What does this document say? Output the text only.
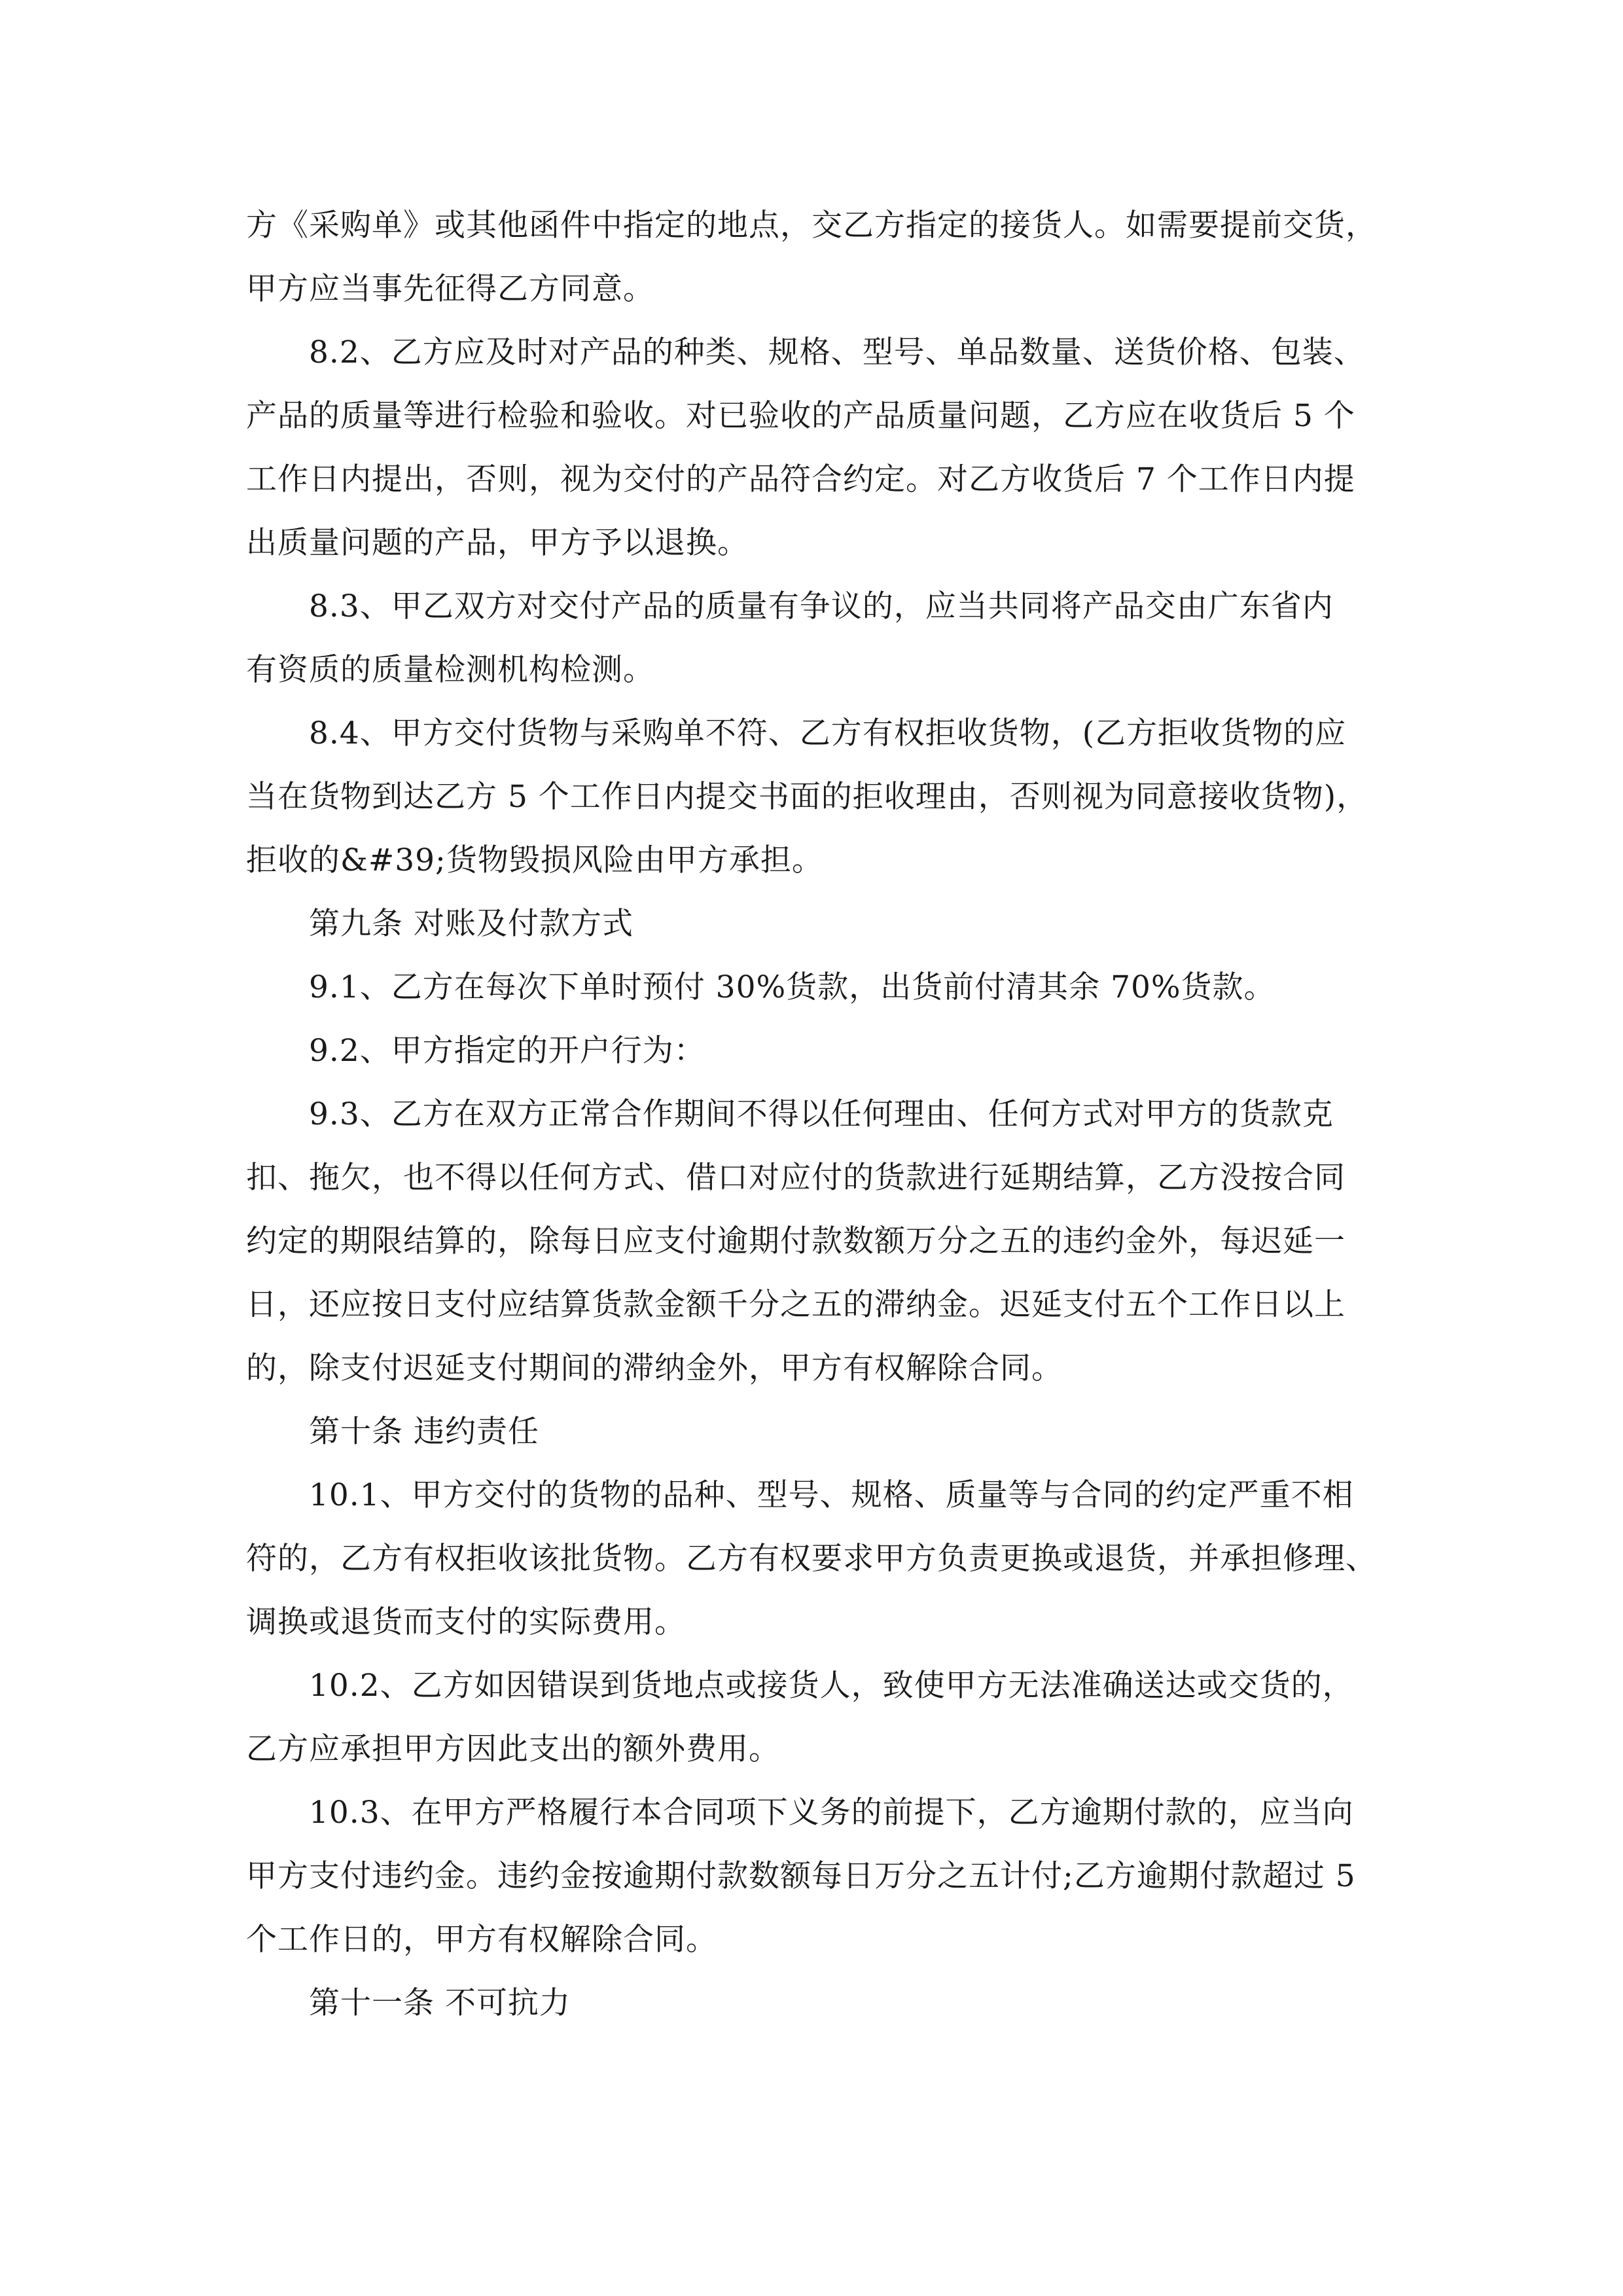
方《采购单》或其他函件中指定的地点，交乙方指定的接货人。如需要提前交货，
甲方应当事先征得乙方同意。
8.2、乙方应及时对产品的种类、规格、型号、单品数量、送货价格、包装、
产品的质量等进行检验和验收。对已验收的产品质量问题，乙方应在收货后 5 个
工作日内提出，否则，视为交付的产品符合约定。对乙方收货后 7 个工作日内提
出质量问题的产品，甲方予以退换。
8.3、甲乙双方对交付产品的质量有争议的，应当共同将产品交由广东省内
有资质的质量检测机构检测。
8.4、甲方交付货物与采购单不符、乙方有权拒收货物，(乙方拒收货物的应
当在货物到达乙方 5 个工作日内提交书面的拒收理由，否则视为同意接收货物)，
拒收的&#39;货物毁损风险由甲方承担。
第九条 对账及付款方式
9.1、乙方在每次下单时预付 30%货款，出货前付清其余 70%货款。
9.2、甲方指定的开户行为：
9.3、乙方在双方正常合作期间不得以任何理由、任何方式对甲方的货款克
扣、拖欠，也不得以任何方式、借口对应付的货款进行延期结算，乙方没按合同
约定的期限结算的，除每日应支付逾期付款数额万分之五的违约金外，每迟延一
日，还应按日支付应结算货款金额千分之五的滞纳金。迟延支付五个工作日以上
的，除支付迟延支付期间的滞纳金外，甲方有权解除合同。
第十条 违约责任
10.1、甲方交付的货物的品种、型号、规格、质量等与合同的约定严重不相
符的，乙方有权拒收该批货物。乙方有权要求甲方负责更换或退货，并承担修理、
调换或退货而支付的实际费用。
10.2、乙方如因错误到货地点或接货人，致使甲方无法准确送达或交货的，
乙方应承担甲方因此支出的额外费用。
10.3、在甲方严格履行本合同项下义务的前提下，乙方逾期付款的，应当向
甲方支付违约金。违约金按逾期付款数额每日万分之五计付;乙方逾期付款超过 5
个工作日的，甲方有权解除合同。
第十一条 不可抗力
